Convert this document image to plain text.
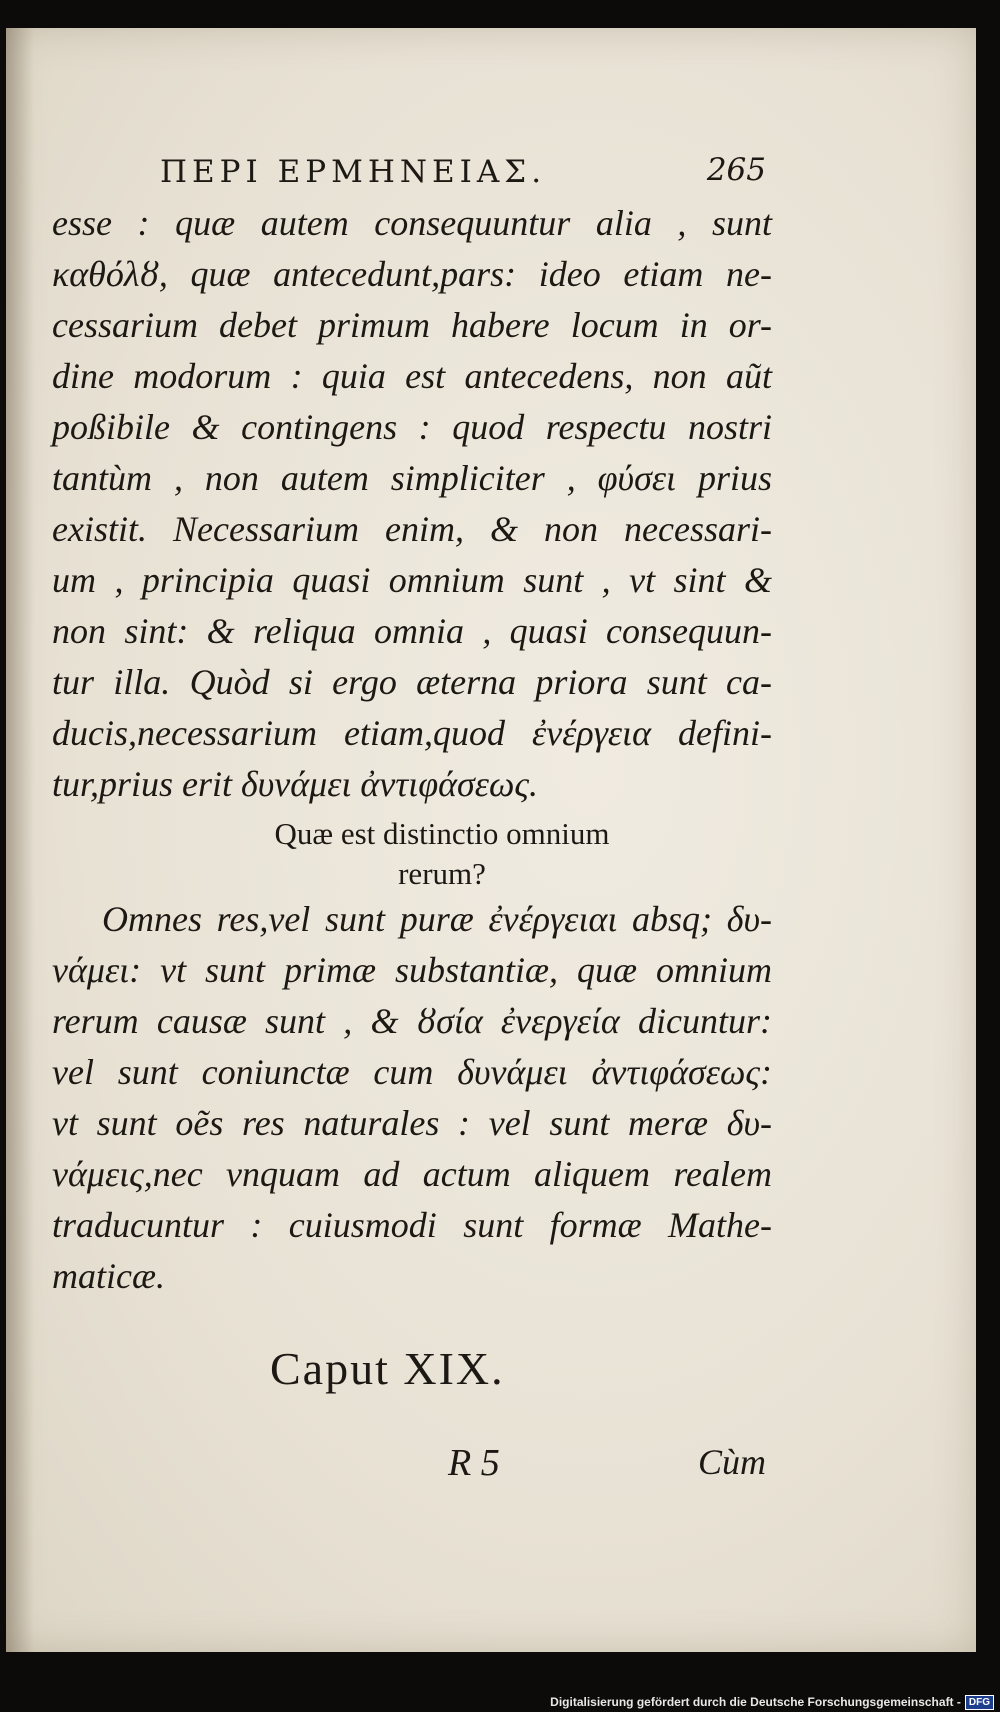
ΠΕΡΙ ΕΡΜΗΝΕΙΑΣ.	265
esse : quæ autem consequuntur alia , sunt
καθόλȣ, quæ antecedunt,pars: ideo etiam ne-
cessarium debet primum habere locum in or-
dine modorum : quia est antecedens, non aũt
poßibile & contingens : quod respectu nostri
tantùm , non autem simpliciter , φύσει prius
existit. Necessarium enim, & non necessari-
um , principia quasi omnium sunt , vt sint &
non sint: & reliqua omnia , quasi consequun-
tur illa. Quòd si ergo æterna priora sunt ca-
ducis,necessarium etiam,quod ἐνέργεια defini-
tur,prius erit δυνάμει ἀντιφάσεως.
Quæ est distinctio omnium
rerum?
Omnes res,vel sunt puræ ἐνέργειαι absq; δυ-
νάμει: vt sunt primæ substantiæ, quæ omnium
rerum causæ sunt , & ȣσία ἐνεργεία dicuntur:
vel sunt coniunctæ cum δυνάμει ἀντιφάσεως:
vt sunt oẽs res naturales : vel sunt meræ δυ-
νάμεις,nec vnquam ad actum aliquem realem
traducuntur : cuiusmodi sunt formæ Mathe-
maticæ.
Caput XIX.
R 5	Cùm
Digitalisierung gefördert durch die Deutsche Forschungsgemeinschaft - DFG
